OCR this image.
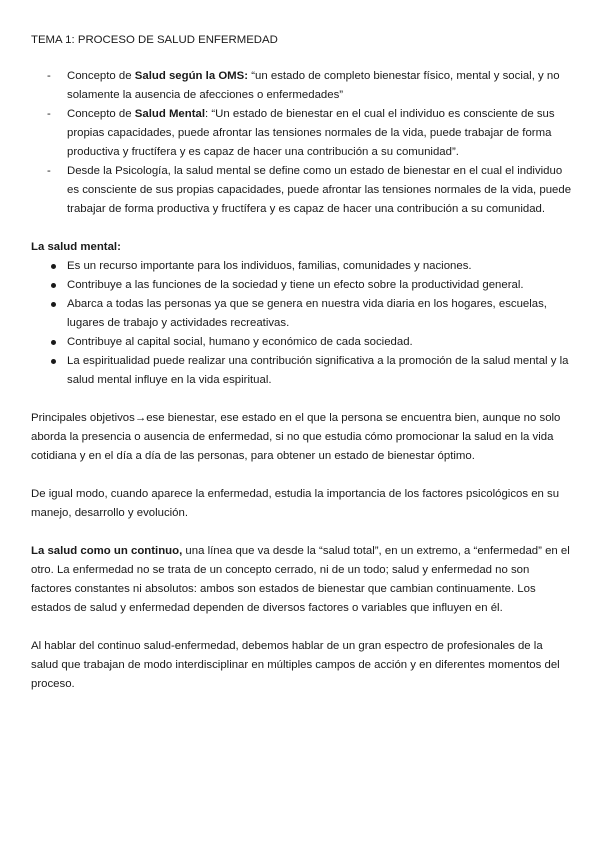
TEMA 1: PROCESO DE SALUD ENFERMEDAD

- Concepto de Salud según la OMS: “un estado de completo bienestar físico, mental y social, y no solamente la ausencia de afecciones o enfermedades”
- Concepto de Salud Mental: “Un estado de bienestar en el cual el individuo es consciente de sus propias capacidades, puede afrontar las tensiones normales de la vida, puede trabajar de forma productiva y fructífera y es capaz de hacer una contribución a su comunidad”.
- Desde la Psicología, la salud mental se define como un estado de bienestar en el cual el individuo es consciente de sus propias capacidades, puede afrontar las tensiones normales de la vida, puede trabajar de forma productiva y fructífera y es capaz de hacer una contribución a su comunidad.

La salud mental:

Es un recurso importante para los individuos, familias, comunidades y naciones.
Contribuye a las funciones de la sociedad y tiene un efecto sobre la productividad general.
Abarca a todas las personas ya que se genera en nuestra vida diaria en los hogares, escuelas, lugares de trabajo y actividades recreativas.
Contribuye al capital social, humano y económico de cada sociedad.
La espiritualidad puede realizar una contribución significativa a la promoción de la salud mental y la salud mental influye en la vida espiritual.

Principales objetivos→ese bienestar, ese estado en el que la persona se encuentra bien, aunque no solo aborda la presencia o ausencia de enfermedad, si no que estudia cómo promocionar la salud en la vida cotidiana y en el día a día de las personas, para obtener un estado de bienestar óptimo.

De igual modo, cuando aparece la enfermedad, estudia la importancia de los factores psicológicos en su manejo, desarrollo y evolución.

La salud como un continuo, una línea que va desde la “salud total”, en un extremo, a “enfermedad” en el otro. La enfermedad no se trata de un concepto cerrado, ni de un todo; salud y enfermedad no son factores constantes ni absolutos: ambos son estados de bienestar que cambian continuamente. Los estados de salud y enfermedad dependen de diversos factores o variables que influyen en él.

Al hablar del continuo salud-enfermedad, debemos hablar de un gran espectro de profesionales de la salud que trabajan de modo interdisciplinar en múltiples campos de acción y en diferentes momentos del proceso.
